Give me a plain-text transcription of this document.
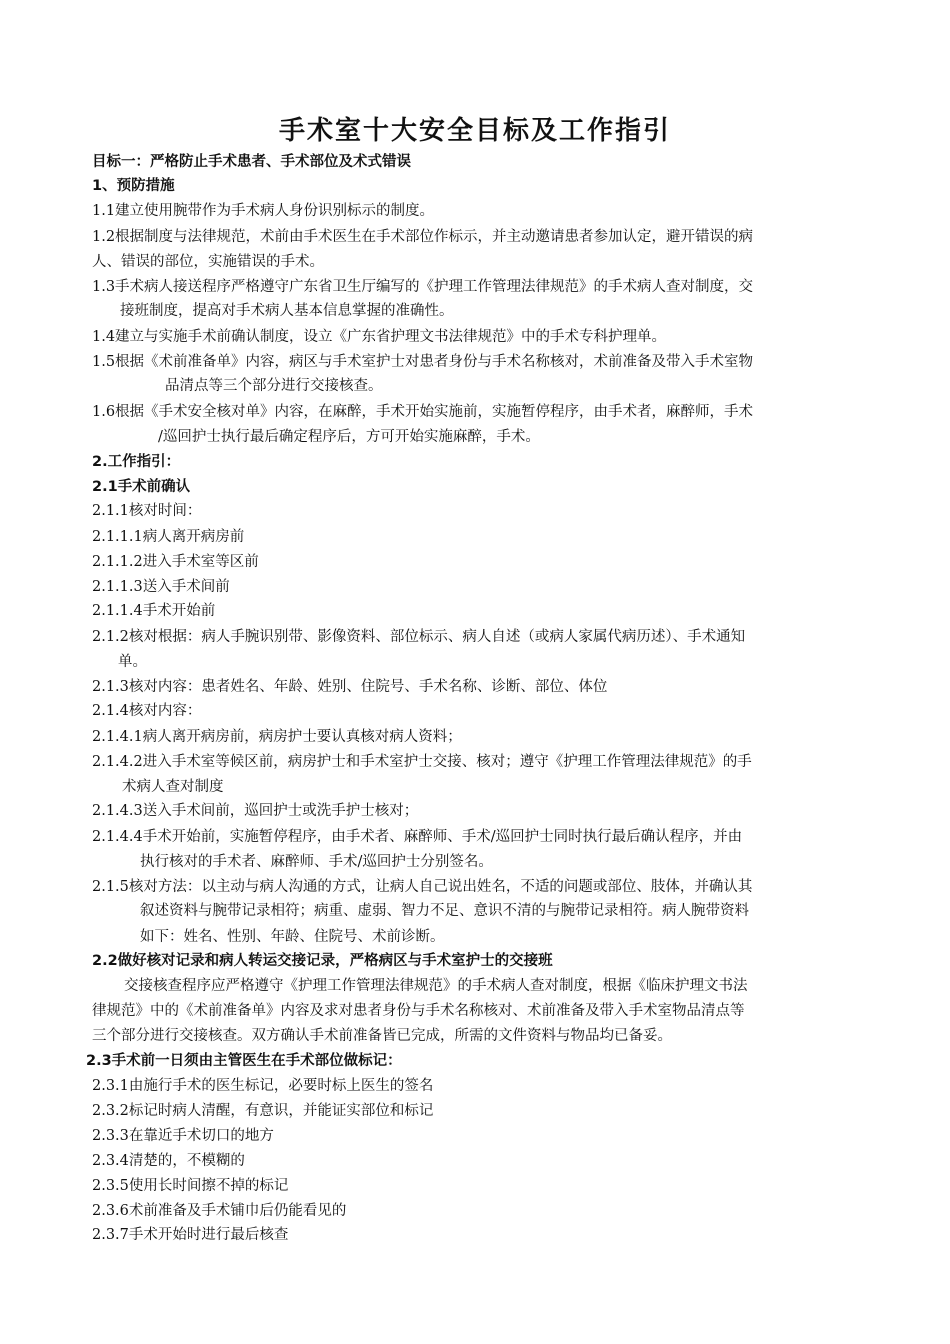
手术室十大安全目标及工作指引
目标一：严格防止手术患者、手术部位及术式错误
1、预防措施
1.1建立使用腕带作为手术病人身份识别标示的制度。
1.2根据制度与法律规范，术前由手术医生在手术部位作标示，并主动邀请患者参加认定，避开错误的病
人、错误的部位，实施错误的手术。
1.3手术病人接送程序严格遵守广东省卫生厅编写的《护理工作管理法律规范》的手术病人查对制度，交
接班制度，提高对手术病人基本信息掌握的准确性。
1.4建立与实施手术前确认制度，设立《广东省护理文书法律规范》中的手术专科护理单。
1.5根据《术前准备单》内容，病区与手术室护士对患者身份与手术名称核对，术前准备及带入手术室物
品清点等三个部分进行交接核查。
1.6根据《手术安全核对单》内容，在麻醉，手术开始实施前，实施暂停程序，由手术者，麻醉师，手术
/巡回护士执行最后确定程序后，方可开始实施麻醉，手术。
2.工作指引：
2.1手术前确认
2.1.1核对时间：
2.1.1.1病人离开病房前
2.1.1.2进入手术室等区前
2.1.1.3送入手术间前
2.1.1.4手术开始前
2.1.2核对根据：病人手腕识别带、影像资料、部位标示、病人自述（或病人家属代病历述）、手术通知
单。
2.1.3核对内容：患者姓名、年龄、姓别、住院号、手术名称、诊断、部位、体位
2.1.4核对内容：
2.1.4.1病人离开病房前，病房护士要认真核对病人资料；
2.1.4.2进入手术室等候区前，病房护士和手术室护士交接、核对；遵守《护理工作管理法律规范》的手
术病人查对制度
2.1.4.3送入手术间前，巡回护士或洗手护士核对；
2.1.4.4手术开始前，实施暂停程序，由手术者、麻醉师、手术/巡回护士同时执行最后确认程序，并由
执行核对的手术者、麻醉师、手术/巡回护士分别签名。
2.1.5核对方法：以主动与病人沟通的方式，让病人自己说出姓名，不适的问题或部位、肢体，并确认其
叙述资料与腕带记录相符；病重、虚弱、智力不足、意识不清的与腕带记录相符。病人腕带资料
如下：姓名、性别、年龄、住院号、术前诊断。
2.2做好核对记录和病人转运交接记录，严格病区与手术室护士的交接班
交接核查程序应严格遵守《护理工作管理法律规范》的手术病人查对制度，根据《临床护理文书法
律规范》中的《术前准备单》内容及求对患者身份与手术名称核对、术前准备及带入手术室物品清点等
三个部分进行交接核查。双方确认手术前准备皆已完成，所需的文件资料与物品均已备妥。
2.3手术前一日须由主管医生在手术部位做标记：
2.3.1由施行手术的医生标记，必要时标上医生的签名
2.3.2标记时病人清醒，有意识，并能证实部位和标记
2.3.3在靠近手术切口的地方
2.3.4清楚的，不模糊的
2.3.5使用长时间擦不掉的标记
2.3.6术前准备及手术铺巾后仍能看见的
2.3.7手术开始时进行最后核查
